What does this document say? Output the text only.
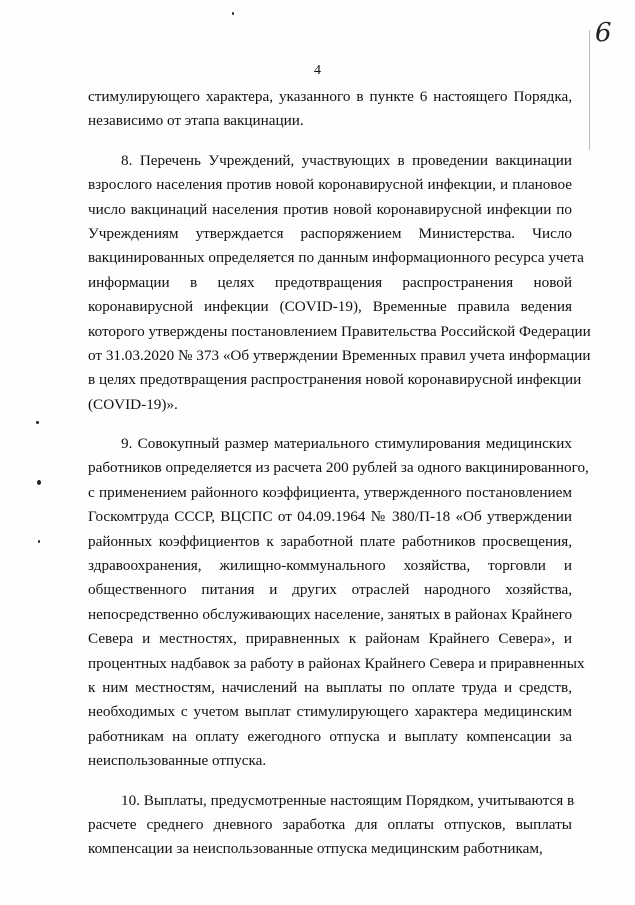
6
4
стимулирующего характера, указанного в пункте 6 настоящего Порядка,
независимо от этапа вакцинации.
8. Перечень Учреждений, участвующих в проведении вакцинации
взрослого населения против новой коронавирусной инфекции, и плановое
число вакцинаций населения против новой коронавирусной инфекции по
Учреждениям утверждается распоряжением Министерства. Число
вакцинированных определяется по данным информационного ресурса учета
информации в целях предотвращения распространения новой
коронавирусной инфекции (COVID-19), Временные правила ведения
которого утверждены постановлением Правительства Российской Федерации
от 31.03.2020 № 373 «Об утверждении Временных правил учета информации
в целях предотвращения распространения новой коронавирусной инфекции
(COVID-19)».
9. Совокупный размер материального стимулирования медицинских
работников определяется из расчета 200 рублей за одного вакцинированного,
с применением районного коэффициента, утвержденного постановлением
Госкомтруда СССР, ВЦСПС от 04.09.1964 № 380/П-18 «Об утверждении
районных коэффициентов к заработной плате работников просвещения,
здравоохранения, жилищно-коммунального хозяйства, торговли и
общественного питания и других отраслей народного хозяйства,
непосредственно обслуживающих население, занятых в районах Крайнего
Севера и местностях, приравненных к районам Крайнего Севера», и
процентных надбавок за работу в районах Крайнего Севера и приравненных
к ним местностям, начислений на выплаты по оплате труда и средств,
необходимых с учетом выплат стимулирующего характера медицинским
работникам на оплату ежегодного отпуска и выплату компенсации за
неиспользованные отпуска.
10. Выплаты, предусмотренные настоящим Порядком, учитываются в
расчете среднего дневного заработка для оплаты отпусков, выплаты
компенсации за неиспользованные отпуска медицинским работникам,
